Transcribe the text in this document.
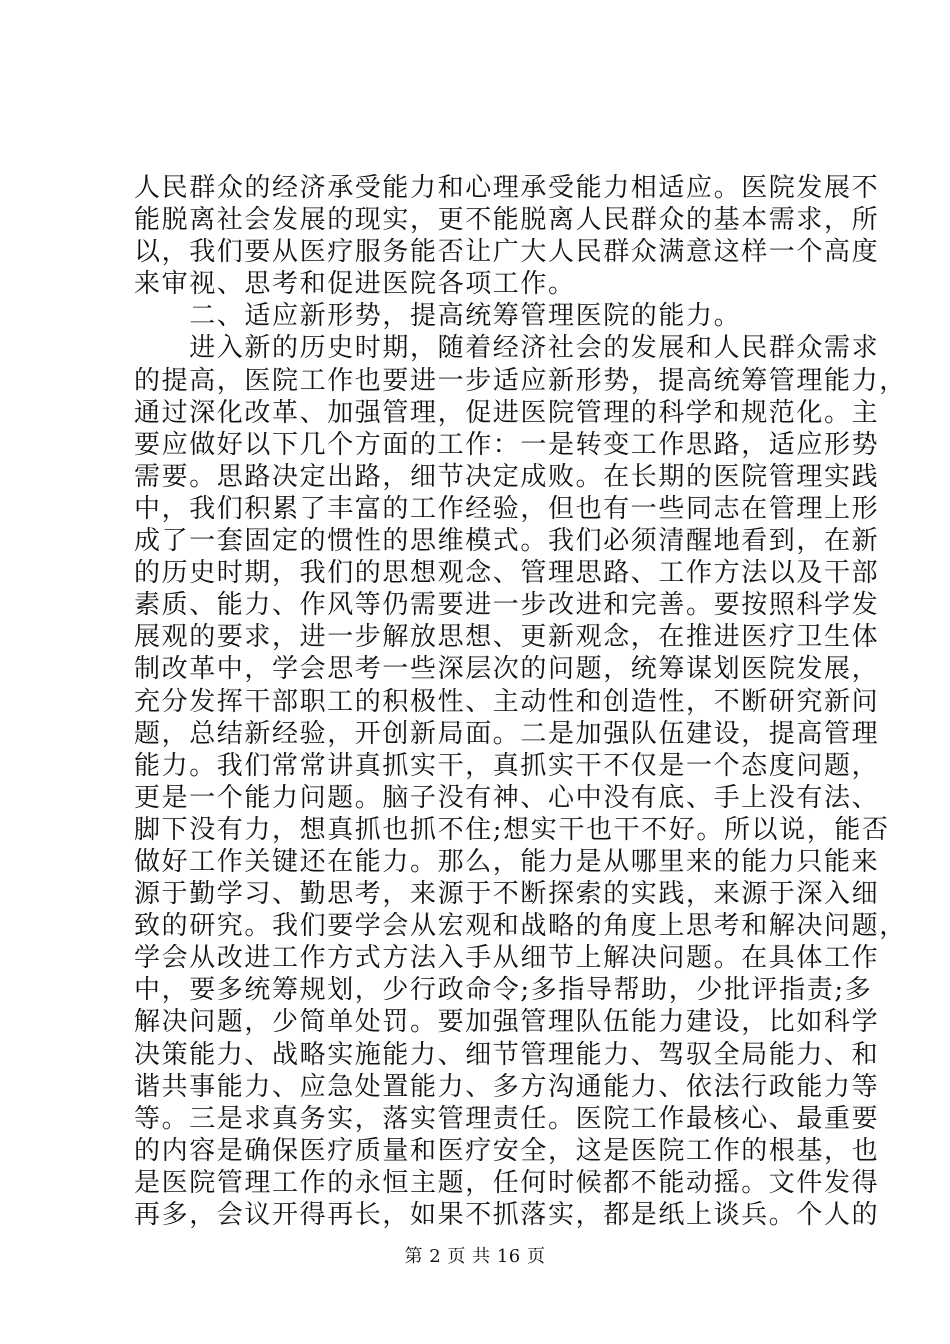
人民群众的经济承受能力和心理承受能力相适应。医院发展不
能脱离社会发展的现实，更不能脱离人民群众的基本需求，所
以，我们要从医疗服务能否让广大人民群众满意这样一个高度
来审视、思考和促进医院各项工作。
　　二、适应新形势，提高统筹管理医院的能力。
　　进入新的历史时期，随着经济社会的发展和人民群众需求
的提高，医院工作也要进一步适应新形势，提高统筹管理能力，
通过深化改革、加强管理，促进医院管理的科学和规范化。主
要应做好以下几个方面的工作：一是转变工作思路，适应形势
需要。思路决定出路，细节决定成败。在长期的医院管理实践
中，我们积累了丰富的工作经验，但也有一些同志在管理上形
成了一套固定的惯性的思维模式。我们必须清醒地看到，在新
的历史时期，我们的思想观念、管理思路、工作方法以及干部
素质、能力、作风等仍需要进一步改进和完善。要按照科学发
展观的要求，进一步解放思想、更新观念，在推进医疗卫生体
制改革中，学会思考一些深层次的问题，统筹谋划医院发展，
充分发挥干部职工的积极性、主动性和创造性，不断研究新问
题，总结新经验，开创新局面。二是加强队伍建设，提高管理
能力。我们常常讲真抓实干，真抓实干不仅是一个态度问题，
更是一个能力问题。脑子没有神、心中没有底、手上没有法、
脚下没有力，想真抓也抓不住;想实干也干不好。所以说，能否
做好工作关键还在能力。那么，能力是从哪里来的能力只能来
源于勤学习、勤思考，来源于不断探索的实践，来源于深入细
致的研究。我们要学会从宏观和战略的角度上思考和解决问题，
学会从改进工作方式方法入手从细节上解决问题。在具体工作
中，要多统筹规划，少行政命令;多指导帮助，少批评指责;多
解决问题，少简单处罚。要加强管理队伍能力建设，比如科学
决策能力、战略实施能力、细节管理能力、驾驭全局能力、和
谐共事能力、应急处置能力、多方沟通能力、依法行政能力等
等。三是求真务实，落实管理责任。医院工作最核心、最重要
的内容是确保医疗质量和医疗安全，这是医院工作的根基，也
是医院管理工作的永恒主题，任何时候都不能动摇。文件发得
再多，会议开得再长，如果不抓落实，都是纸上谈兵。个人的
第 2 页 共 16 页
